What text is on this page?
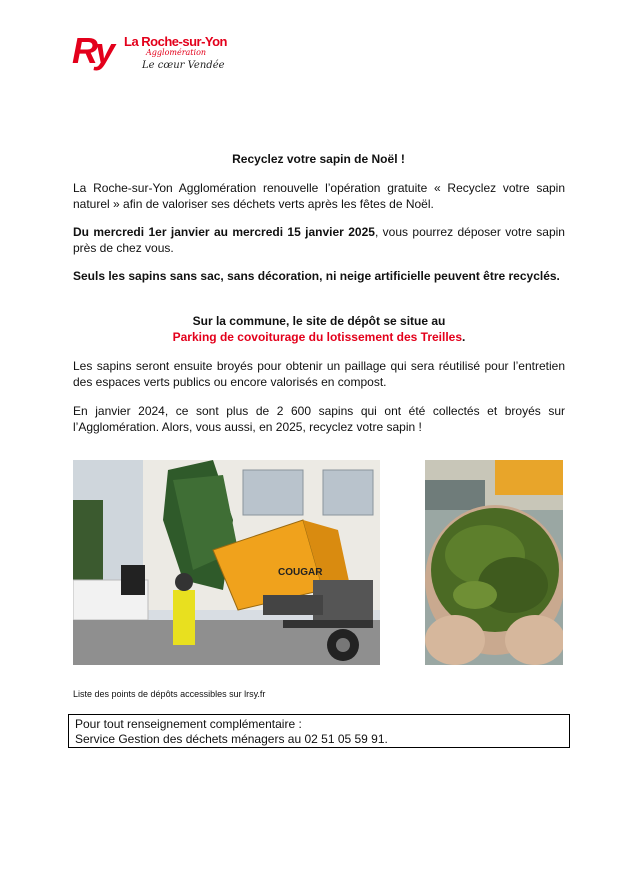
Ry La Roche-sur-Yon
Agglomération
Le cœur Vendée
Recyclez votre sapin de Noël !
La Roche-sur-Yon Agglomération renouvelle l’opération gratuite « Recyclez votre sapin naturel » afin de valoriser ses déchets verts après les fêtes de Noël.
Du mercredi 1er janvier au mercredi 15 janvier 2025, vous pourrez déposer votre sapin près de chez vous.
Seuls les sapins sans sac, sans décoration, ni neige artificielle peuvent être recyclés.
Sur la commune, le site de dépôt se situe au
Parking de covoiturage du lotissement des Treilles.
Les sapins seront ensuite broyés pour obtenir un paillage qui sera réutilisé pour l’entretien des espaces verts publics ou encore valorisés en compost.
En janvier 2024, ce sont plus de 2 600 sapins qui ont été collectés et broyés sur l’Agglomération. Alors, vous aussi, en 2025, recyclez votre sapin !
COUGAR
Liste des points de dépôts accessibles sur lrsy.fr
Pour tout renseignement complémentaire :
Service Gestion des déchets ménagers au 02 51 05 59 91.
